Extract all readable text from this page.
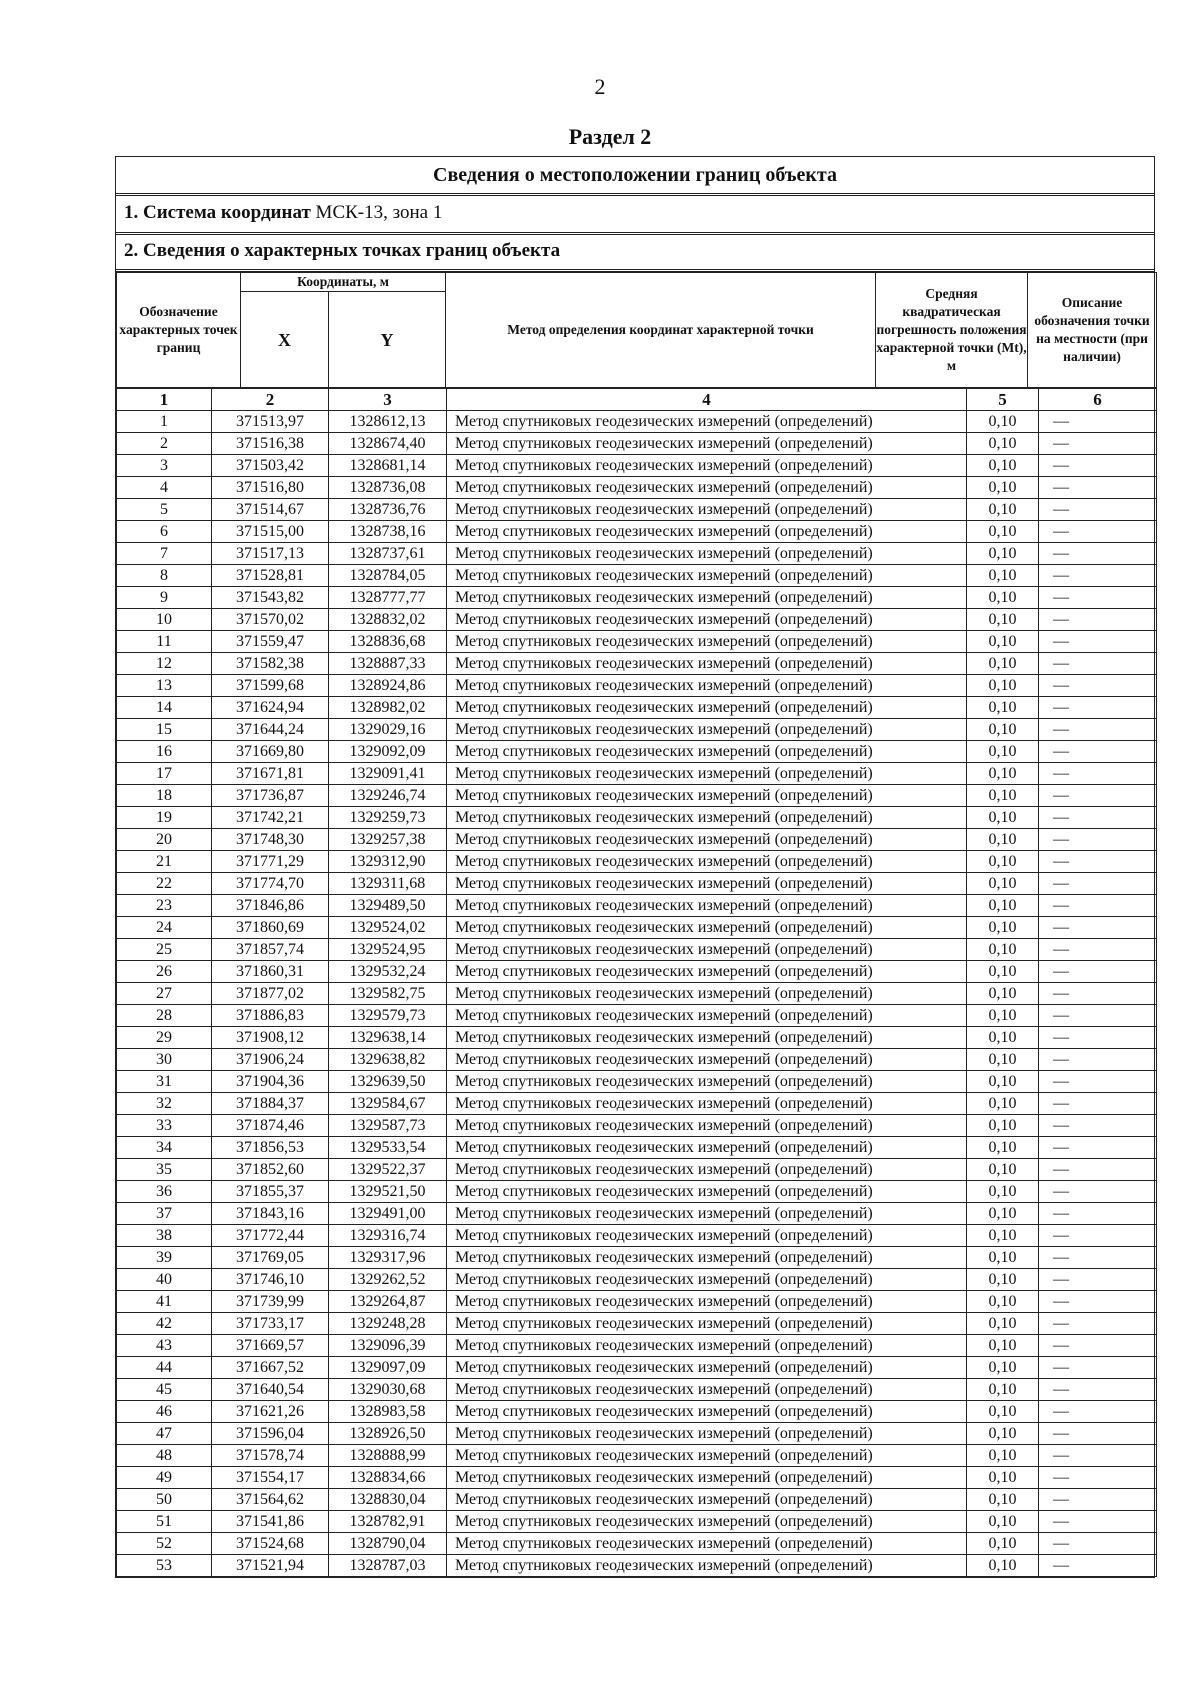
2
Раздел 2
Сведения о местоположении границ объекта
1. Система координат МСК-13, зона 1
2. Сведения о характерных точках границ объекта
Обозначение характерных точек границ	Координаты, м		Метод определения координат характерной точки	Средняя квадратическая погрешность положения характерной точки (Mt), м	Описание обозначения точки на местности (при наличии)
	X	Y			
1	2	3	4	5	6
1	371513,97	1328612,13	Метод спутниковых геодезических измерений (определений)	0,10	—
2	371516,38	1328674,40	Метод спутниковых геодезических измерений (определений)	0,10	—
3	371503,42	1328681,14	Метод спутниковых геодезических измерений (определений)	0,10	—
4	371516,80	1328736,08	Метод спутниковых геодезических измерений (определений)	0,10	—
5	371514,67	1328736,76	Метод спутниковых геодезических измерений (определений)	0,10	—
6	371515,00	1328738,16	Метод спутниковых геодезических измерений (определений)	0,10	—
7	371517,13	1328737,61	Метод спутниковых геодезических измерений (определений)	0,10	—
8	371528,81	1328784,05	Метод спутниковых геодезических измерений (определений)	0,10	—
9	371543,82	1328777,77	Метод спутниковых геодезических измерений (определений)	0,10	—
10	371570,02	1328832,02	Метод спутниковых геодезических измерений (определений)	0,10	—
11	371559,47	1328836,68	Метод спутниковых геодезических измерений (определений)	0,10	—
12	371582,38	1328887,33	Метод спутниковых геодезических измерений (определений)	0,10	—
13	371599,68	1328924,86	Метод спутниковых геодезических измерений (определений)	0,10	—
14	371624,94	1328982,02	Метод спутниковых геодезических измерений (определений)	0,10	—
15	371644,24	1329029,16	Метод спутниковых геодезических измерений (определений)	0,10	—
16	371669,80	1329092,09	Метод спутниковых геодезических измерений (определений)	0,10	—
17	371671,81	1329091,41	Метод спутниковых геодезических измерений (определений)	0,10	—
18	371736,87	1329246,74	Метод спутниковых геодезических измерений (определений)	0,10	—
19	371742,21	1329259,73	Метод спутниковых геодезических измерений (определений)	0,10	—
20	371748,30	1329257,38	Метод спутниковых геодезических измерений (определений)	0,10	—
21	371771,29	1329312,90	Метод спутниковых геодезических измерений (определений)	0,10	—
22	371774,70	1329311,68	Метод спутниковых геодезических измерений (определений)	0,10	—
23	371846,86	1329489,50	Метод спутниковых геодезических измерений (определений)	0,10	—
24	371860,69	1329524,02	Метод спутниковых геодезических измерений (определений)	0,10	—
25	371857,74	1329524,95	Метод спутниковых геодезических измерений (определений)	0,10	—
26	371860,31	1329532,24	Метод спутниковых геодезических измерений (определений)	0,10	—
27	371877,02	1329582,75	Метод спутниковых геодезических измерений (определений)	0,10	—
28	371886,83	1329579,73	Метод спутниковых геодезических измерений (определений)	0,10	—
29	371908,12	1329638,14	Метод спутниковых геодезических измерений (определений)	0,10	—
30	371906,24	1329638,82	Метод спутниковых геодезических измерений (определений)	0,10	—
31	371904,36	1329639,50	Метод спутниковых геодезических измерений (определений)	0,10	—
32	371884,37	1329584,67	Метод спутниковых геодезических измерений (определений)	0,10	—
33	371874,46	1329587,73	Метод спутниковых геодезических измерений (определений)	0,10	—
34	371856,53	1329533,54	Метод спутниковых геодезических измерений (определений)	0,10	—
35	371852,60	1329522,37	Метод спутниковых геодезических измерений (определений)	0,10	—
36	371855,37	1329521,50	Метод спутниковых геодезических измерений (определений)	0,10	—
37	371843,16	1329491,00	Метод спутниковых геодезических измерений (определений)	0,10	—
38	371772,44	1329316,74	Метод спутниковых геодезических измерений (определений)	0,10	—
39	371769,05	1329317,96	Метод спутниковых геодезических измерений (определений)	0,10	—
40	371746,10	1329262,52	Метод спутниковых геодезических измерений (определений)	0,10	—
41	371739,99	1329264,87	Метод спутниковых геодезических измерений (определений)	0,10	—
42	371733,17	1329248,28	Метод спутниковых геодезических измерений (определений)	0,10	—
43	371669,57	1329096,39	Метод спутниковых геодезических измерений (определений)	0,10	—
44	371667,52	1329097,09	Метод спутниковых геодезических измерений (определений)	0,10	—
45	371640,54	1329030,68	Метод спутниковых геодезических измерений (определений)	0,10	—
46	371621,26	1328983,58	Метод спутниковых геодезических измерений (определений)	0,10	—
47	371596,04	1328926,50	Метод спутниковых геодезических измерений (определений)	0,10	—
48	371578,74	1328888,99	Метод спутниковых геодезических измерений (определений)	0,10	—
49	371554,17	1328834,66	Метод спутниковых геодезических измерений (определений)	0,10	—
50	371564,62	1328830,04	Метод спутниковых геодезических измерений (определений)	0,10	—
51	371541,86	1328782,91	Метод спутниковых геодезических измерений (определений)	0,10	—
52	371524,68	1328790,04	Метод спутниковых геодезических измерений (определений)	0,10	—
53	371521,94	1328787,03	Метод спутниковых геодезических измерений (определений)	0,10	—
